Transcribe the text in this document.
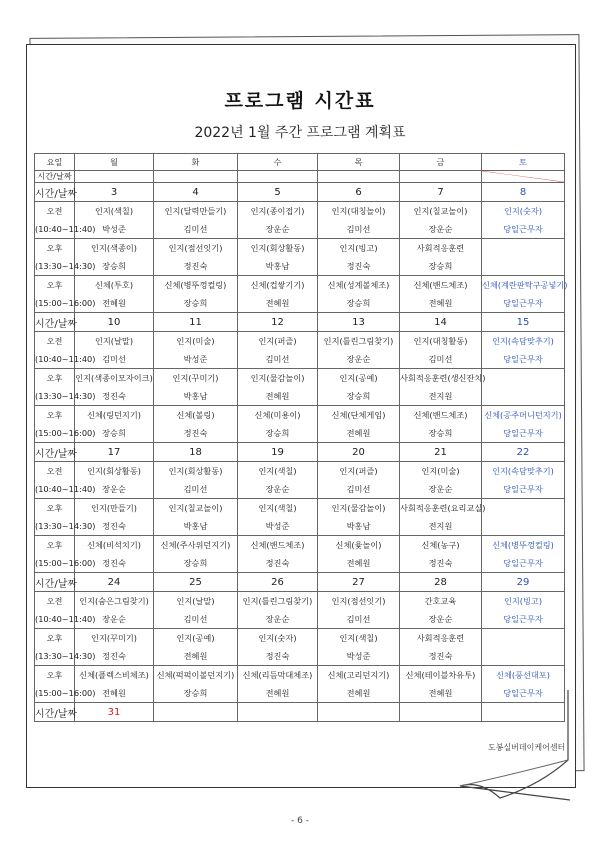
프로그램 시간표
2022년 1월 주간 프로그램 계획표
요일	월	화	수	목	금	토
시간/날짜						

시간/날짜	3	4	5	6	7	8
오전	인지(색칠)	인지(달력만들기)	인지(종이접기)	인지(대칭놀이)	인지(칠교놀이)	인지(숫자)
(10:40~11:40)	박성준	김미선	장운순	김미선	장운순	당일근무자
오후	인지(색종이)	인지(점선잇기)	인지(회상활동)	인지(빙고)	사회적응훈련	
(13:30~14:30)	장승희	정진숙	박홍남	정진숙	장승희	
오후	신체(투호)	신체(병뚜껑컬링)	신체(컵쌓기기)	신체(성계볼체조)	신체(밴드체조)	신체(계란판탁구공넣기)
(15:00~16:00)	전혜원	장승희	전혜원	장승희	전혜원	당일근무자
시간/날짜	10	11	12	13	14	15
오전	인지(날말)	인지(미술)	인지(퍼즐)	인지(틀린그림찾기)	인지(대칭활동)	인지(속담맞추기)
(10:40~11:40)	김미선	박성준	김미선	장운순	김미선	당일근무자
오후	인지(색종이모자이크)	인지(꾸미기)	인지(물감놀이)	인지(공예)	사회적응훈련(생신잔치)	
(13:30~14:30)	정진숙	박홍남	전혜원	장승희	전지원	
오후	신체(링던지기)	신체(볼링)	신체(미용이)	신체(단체게임)	신체(밴드체조)	신체(공주머니던지기)
(15:00~16:00)	장승희	정진숙	장승희	전혜원	장승희	당일근무자
시간/날짜	17	18	19	20	21	22
오전	인지(회상활동)	인지(회상활동)	인지(색칠)	인지(퍼즐)	인지(미술)	인지(속담맞추기)
(10:40~11:40)	장운순	김미선	장운순	김미선	장운순	당일근무자
오후	인지(만들기)	인지(칠교놀이)	인지(색칠)	인지(물감놀이)	사회적응훈련(요리교실)	
(13:30~14:30)	정진숙	박홍남	박성준	박홍남	전지원	
오후	신체(비석치기)	신체(주사위던지기)	신체(밴드체조)	신체(윷놀이)	신체(농구)	신체(병뚜껑컬링)
(15:00~16:00)	정진숙	장승희	정진숙	전혜원	정진숙	당일근무자
시간/날짜	24	25	26	27	28	29
오전	인지(숨은그림찾기)	인지(날말)	인지(틀린그림찾기)	인지(점선잇기)	간호교육	인지(빙고)
(10:40~11:40)	장운순	김미선	장운순	김미선	장운순	당일근무자
오후	인지(꾸미기)	인지(공예)	인지(숫자)	인지(색칠)	사회적응훈련	
(13:30~14:30)	정진숙	전혜원	정진숙	박성준	정진숙	
오후	신체(플렉스비체조)	신체(퍽퍽이볼던지기)	신체(리듬막대체조)	신체(고리던지기)	신체(테이블차유투)	신체(풍선대포)
(15:00~16:00)	전혜원	장승희	전혜원	전혜원	전혜원	당일근무자
시간/날짜	31					
도봉실버데이케어센터
- 6 -
